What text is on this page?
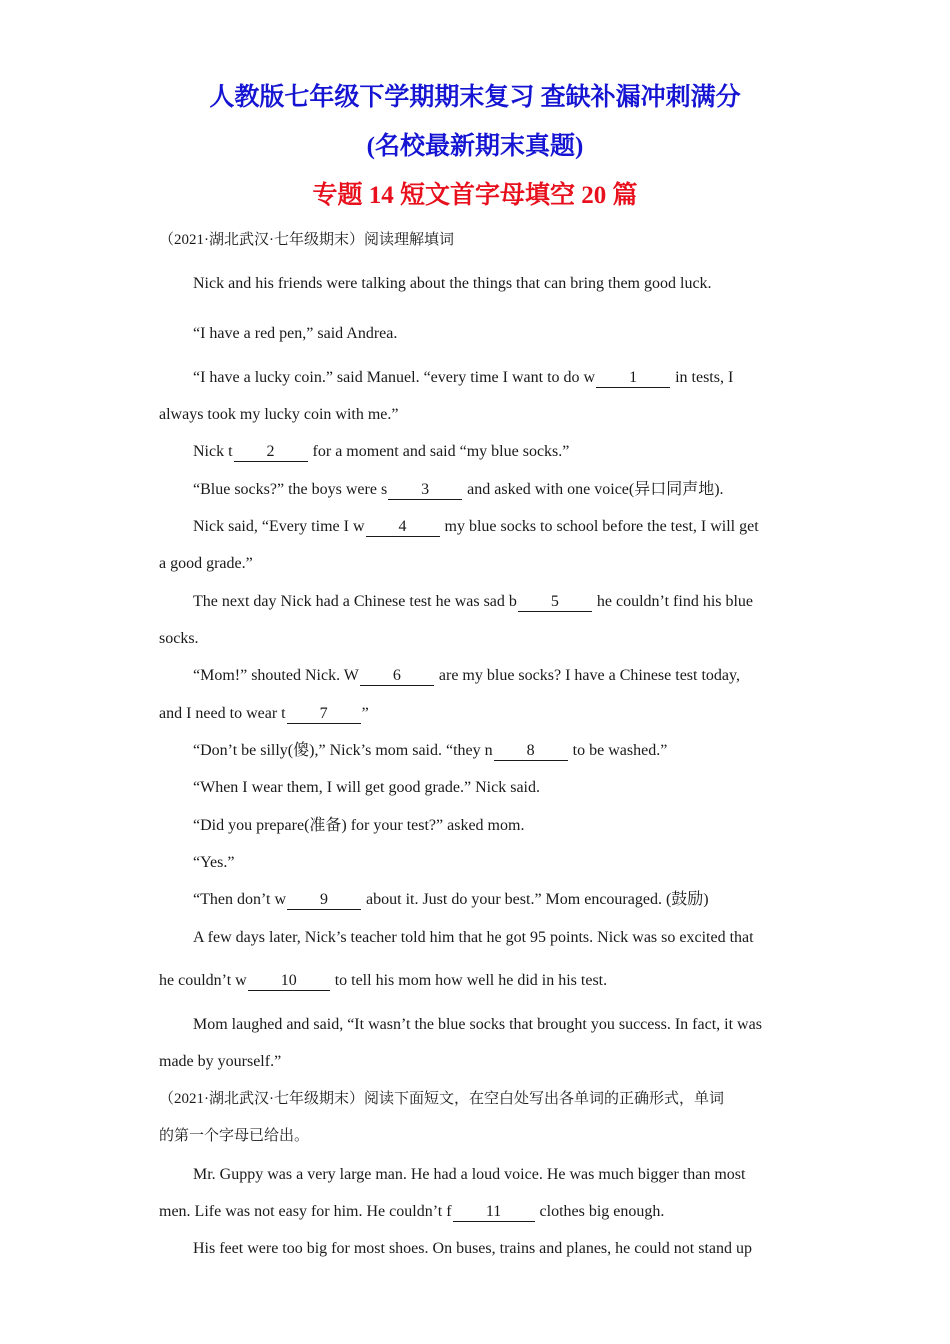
人教版七年级下学期期末复习 查缺补漏冲刺满分
(名校最新期末真题)
专题 14 短文首字母填空 20 篇
（2021·湖北武汉·七年级期末）阅读理解填词
Nick and his friends were talking about the things that can bring them good luck.
“I have a red pen,” said Andrea.
“I have a lucky coin.” said Manuel. “every time I want to do w 1 in tests, I
always took my lucky coin with me.”
Nick t 2 for a moment and said “my blue socks.”
“Blue socks?” the boys were s 3 and asked with one voice(异口同声地).
Nick said, “Every time I w 4 my blue socks to school before the test, I will get
a good grade.”
The next day Nick had a Chinese test he was sad b 5 he couldn’t find his blue
socks.
“Mom!” shouted Nick. W 6 are my blue socks? I have a Chinese test today,
and I need to wear t 7 ”
“Don’t be silly(傻),” Nick’s mom said. “they n 8 to be washed.”
“When I wear them, I will get good grade.” Nick said.
“Did you prepare(准备) for your test?” asked mom.
“Yes.”
“Then don’t w 9 about it. Just do your best.” Mom encouraged. (鼓励)
A few days later, Nick’s teacher told him that he got 95 points. Nick was so excited that
he couldn’t w 10 to tell his mom how well he did in his test.
Mom laughed and said, “It wasn’t the blue socks that brought you success. In fact, it was
made by yourself.”
（2021·湖北武汉·七年级期末）阅读下面短文，在空白处写出各单词的正确形式，单词
的第一个字母已给出。
Mr. Guppy was a very large man. He had a loud voice. He was much bigger than most
men. Life was not easy for him. He couldn’t f 11 clothes big enough.
His feet were too big for most shoes. On buses, trains and planes, he could not stand up
